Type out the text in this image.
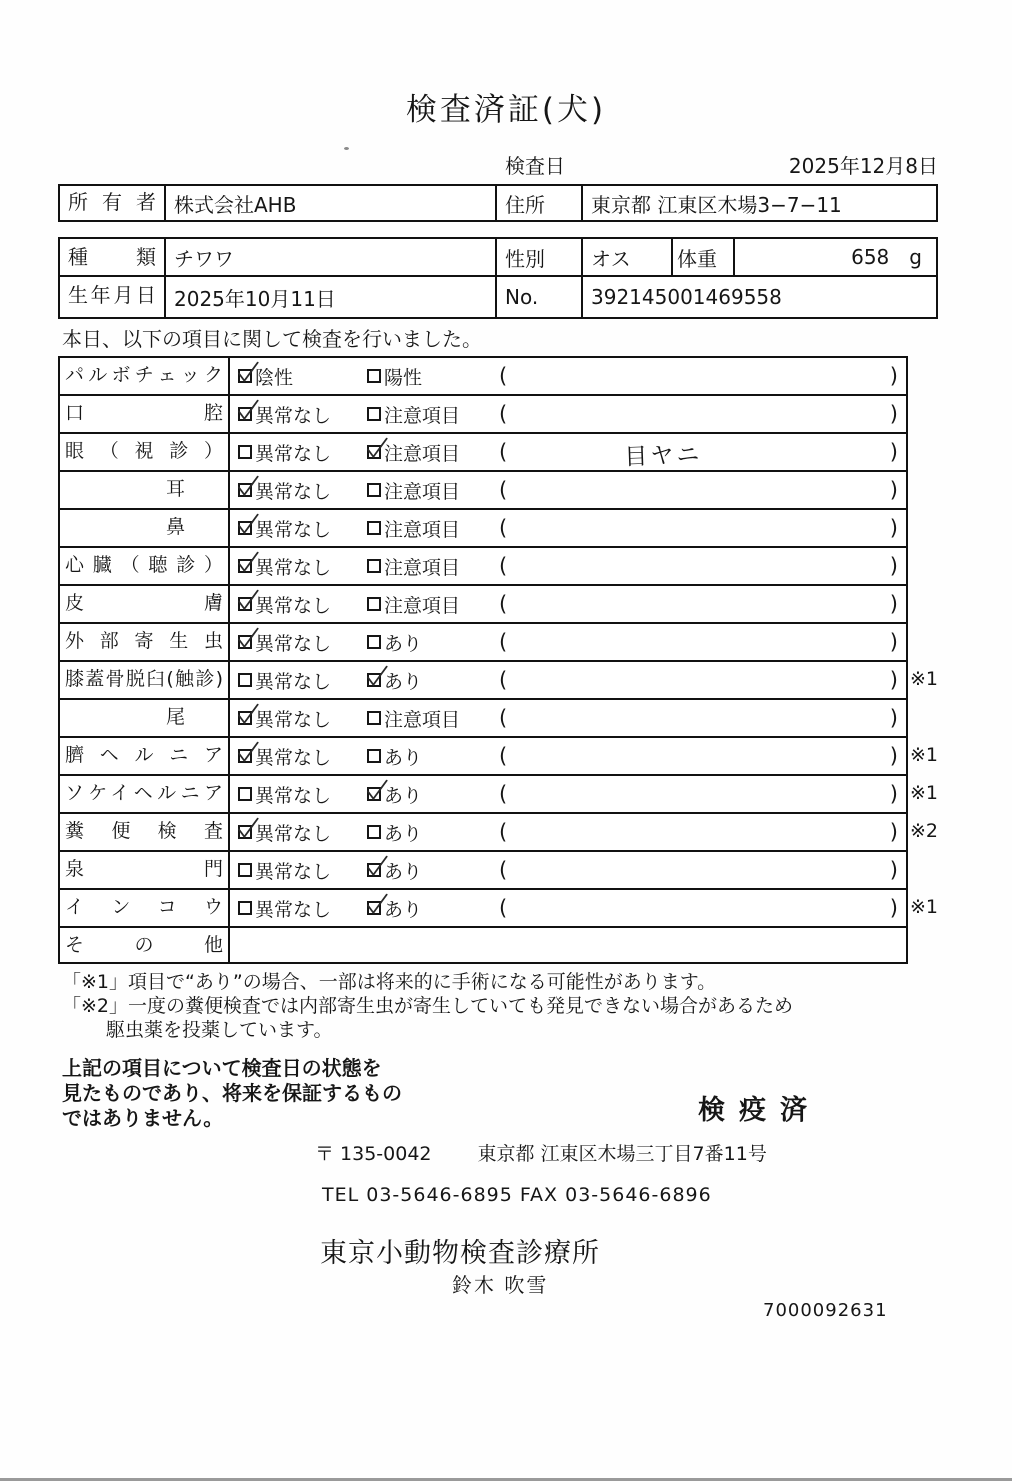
検査済証(犬)
検査日	2025年12月8日
所有者 株式会社AHB	住所	東京都 江東区木場3−7−11
種類 チワワ	性別	オス	体重	658 g
生年月日 2025年10月11日	No.	392145001469558
本日、以下の項目に関して検査を行いました。
パルボチェック	陰性	陽性	(	)
口腔	異常なし	注意項目 (	)
眼（視診）	異常なし	注意項目 (	目ヤニ	)
耳	異常なし	注意項目 (	)
鼻	異常なし	注意項目 (	)
心臓（聴診）	異常なし	注意項目 (	)
皮膚	異常なし	注意項目 (	)
外部寄生虫	異常なし	あり	(	)
膝蓋骨脱臼(触診)	異常なし	あり	(	) ※1
尾	異常なし	注意項目 (	)
臍ヘルニア	異常なし	あり	(	) ※1
ソケイヘルニア	異常なし	あり	(	) ※1
糞便検査	異常なし	あり	(	) ※2
泉門	異常なし	あり	(	)
インコウ	異常なし	あり	(	) ※1
その他
「※1」項目で“あり”の場合、一部は将来的に手術になる可能性があります。
「※2」一度の糞便検査では内部寄生虫が寄生していても発見できない場合があるため
駆虫薬を投薬しています。
上記の項目について検査日の状態を
見たものであり、将来を保証するもの
ではありません。	検疫済
〒 135-0042 東京都 江東区木場三丁目7番11号
TEL 03-5646-6895 FAX 03-5646-6896
東京小動物検査診療所
鈴木 吹雪
7000092631
